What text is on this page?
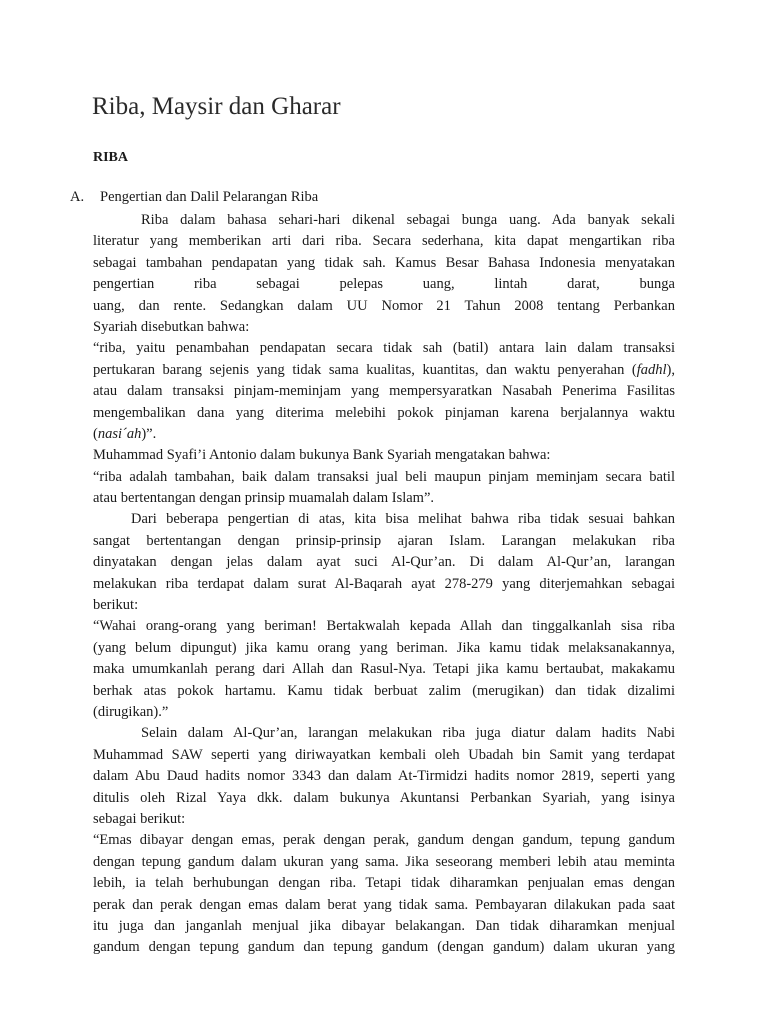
Riba, Maysir dan Gharar
RIBA
A. Pengertian dan Dalil Pelarangan Riba
Riba dalam bahasa sehari-hari dikenal sebagai bunga uang. Ada banyak sekali
literatur yang memberikan arti dari riba. Secara sederhana, kita dapat mengartikan riba
sebagai tambahan pendapatan yang tidak sah. Kamus Besar Bahasa Indonesia menyatakan
pengertian riba sebagai pelepas uang, lintah darat, bunga
uang, dan rente. Sedangkan dalam UU Nomor 21 Tahun 2008 tentang Perbankan
Syariah disebutkan bahwa:
“riba, yaitu penambahan pendapatan secara tidak sah (batil) antara lain dalam transaksi
pertukaran barang sejenis yang tidak sama kualitas, kuantitas, dan waktu penyerahan (fadhl),
atau dalam transaksi pinjam-meminjam yang mempersyaratkan Nasabah Penerima Fasilitas
mengembalikan dana yang diterima melebihi pokok pinjaman karena berjalannya waktu
(nasi´ah)”.
Muhammad Syafi’i Antonio dalam bukunya Bank Syariah mengatakan bahwa:
“riba adalah tambahan, baik dalam transaksi jual beli maupun pinjam meminjam secara batil
atau bertentangan dengan prinsip muamalah dalam Islam”.
Dari beberapa pengertian di atas, kita bisa melihat bahwa riba tidak sesuai bahkan
sangat bertentangan dengan prinsip-prinsip ajaran Islam. Larangan melakukan riba
dinyatakan dengan jelas dalam ayat suci Al-Qur’an. Di dalam Al-Qur’an, larangan
melakukan riba terdapat dalam surat Al-Baqarah ayat 278-279 yang diterjemahkan sebagai
berikut:
“Wahai orang-orang yang beriman! Bertakwalah kepada Allah dan tinggalkanlah sisa riba
(yang belum dipungut) jika kamu orang yang beriman. Jika kamu tidak melaksanakannya,
maka umumkanlah perang dari Allah dan Rasul-Nya. Tetapi jika kamu bertaubat, makakamu
berhak atas pokok hartamu. Kamu tidak berbuat zalim (merugikan) dan tidak dizalimi
(dirugikan).”
Selain dalam Al-Qur’an, larangan melakukan riba juga diatur dalam hadits Nabi
Muhammad SAW seperti yang diriwayatkan kembali oleh Ubadah bin Samit yang terdapat
dalam Abu Daud hadits nomor 3343 dan dalam At-Tirmidzi hadits nomor 2819, seperti yang
ditulis oleh Rizal Yaya dkk. dalam bukunya Akuntansi Perbankan Syariah, yang isinya
sebagai berikut:
“Emas dibayar dengan emas, perak dengan perak, gandum dengan gandum, tepung gandum
dengan tepung gandum dalam ukuran yang sama. Jika seseorang memberi lebih atau meminta
lebih, ia telah berhubungan dengan riba. Tetapi tidak diharamkan penjualan emas dengan
perak dan perak dengan emas dalam berat yang tidak sama. Pembayaran dilakukan pada saat
itu juga dan janganlah menjual jika dibayar belakangan. Dan tidak diharamkan menjual
gandum dengan tepung gandum dan tepung gandum (dengan gandum) dalam ukuran yang
